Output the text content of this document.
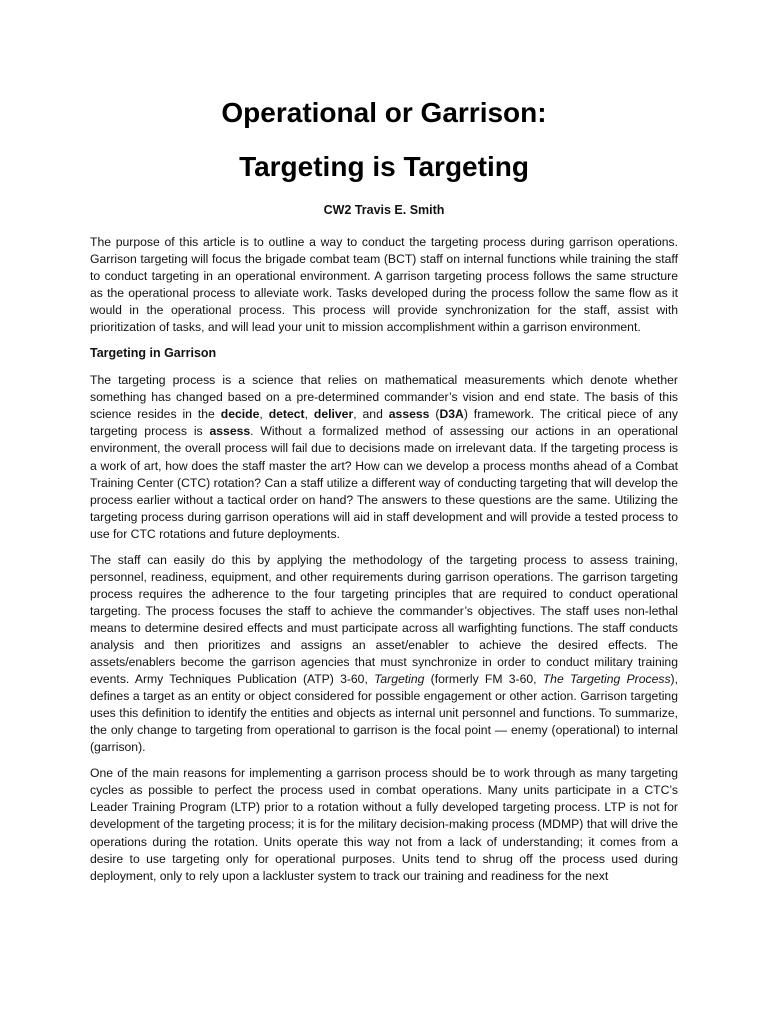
Operational or Garrison:
Targeting is Targeting
CW2 Travis E. Smith

The purpose of this article is to outline a way to conduct the targeting process during garrison operations. Garrison targeting will focus the brigade combat team (BCT) staff on internal functions while training the staff to conduct targeting in an operational environment. A garrison targeting process follows the same structure as the operational process to alleviate work. Tasks developed during the process follow the same flow as it would in the operational process. This process will provide synchronization for the staff, assist with prioritization of tasks, and will lead your unit to mission accomplishment within a garrison environment.

Targeting in Garrison

The targeting process is a science that relies on mathematical measurements which denote whether something has changed based on a pre-determined commander’s vision and end state. The basis of this science resides in the decide, detect, deliver, and assess (D3A) framework. The critical piece of any targeting process is assess. Without a formalized method of assessing our actions in an operational environment, the overall process will fail due to decisions made on irrelevant data. If the targeting process is a work of art, how does the staff master the art? How can we develop a process months ahead of a Combat Training Center (CTC) rotation? Can a staff utilize a different way of conducting targeting that will develop the process earlier without a tactical order on hand? The answers to these questions are the same. Utilizing the targeting process during garrison operations will aid in staff development and will provide a tested process to use for CTC rotations and future deployments.

The staff can easily do this by applying the methodology of the targeting process to assess training, personnel, readiness, equipment, and other requirements during garrison operations. The garrison targeting process requires the adherence to the four targeting principles that are required to conduct operational targeting. The process focuses the staff to achieve the commander’s objectives. The staff uses non-lethal means to determine desired effects and must participate across all warfighting functions. The staff conducts analysis and then prioritizes and assigns an asset/enabler to achieve the desired effects. The assets/enablers become the garrison agencies that must synchronize in order to conduct military training events. Army Techniques Publication (ATP) 3-60, Targeting (formerly FM 3-60, The Targeting Process), defines a target as an entity or object considered for possible engagement or other action. Garrison targeting uses this definition to identify the entities and objects as internal unit personnel and functions. To summarize, the only change to targeting from operational to garrison is the focal point — enemy (operational) to internal (garrison).

One of the main reasons for implementing a garrison process should be to work through as many targeting cycles as possible to perfect the process used in combat operations. Many units participate in a CTC’s Leader Training Program (LTP) prior to a rotation without a fully developed targeting process. LTP is not for development of the targeting process; it is for the military decision-making process (MDMP) that will drive the operations during the rotation. Units operate this way not from a lack of understanding; it comes from a desire to use targeting only for operational purposes. Units tend to shrug off the process used during deployment, only to rely upon a lackluster system to track our training and readiness for the next
